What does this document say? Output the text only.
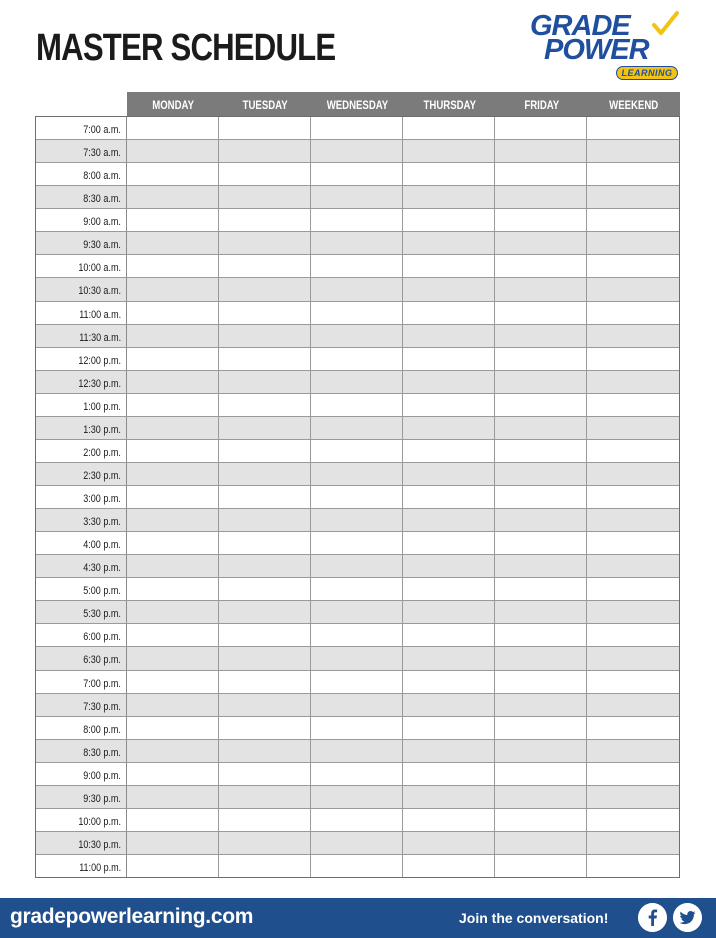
MASTER SCHEDULE
GRADE
POWER
LEARNING
MONDAY	TUESDAY	WEDNESDAY	THURSDAY	FRIDAY	WEEKEND
7:00 a.m.
7:30 a.m.
8:00 a.m.
8:30 a.m.
9:00 a.m.
9:30 a.m.
10:00 a.m.
10:30 a.m.
11:00 a.m.
11:30 a.m.
12:00 p.m.
12:30 p.m.
1:00 p.m.
1:30 p.m.
2:00 p.m.
2:30 p.m.
3:00 p.m.
3:30 p.m.
4:00 p.m.
4:30 p.m.
5:00 p.m.
5:30 p.m.
6:00 p.m.
6:30 p.m.
7:00 p.m.
7:30 p.m.
8:00 p.m.
8:30 p.m.
9:00 p.m.
9:30 p.m.
10:00 p.m.
10:30 p.m.
11:00 p.m.
gradepowerlearning.com	Join the conversation!
